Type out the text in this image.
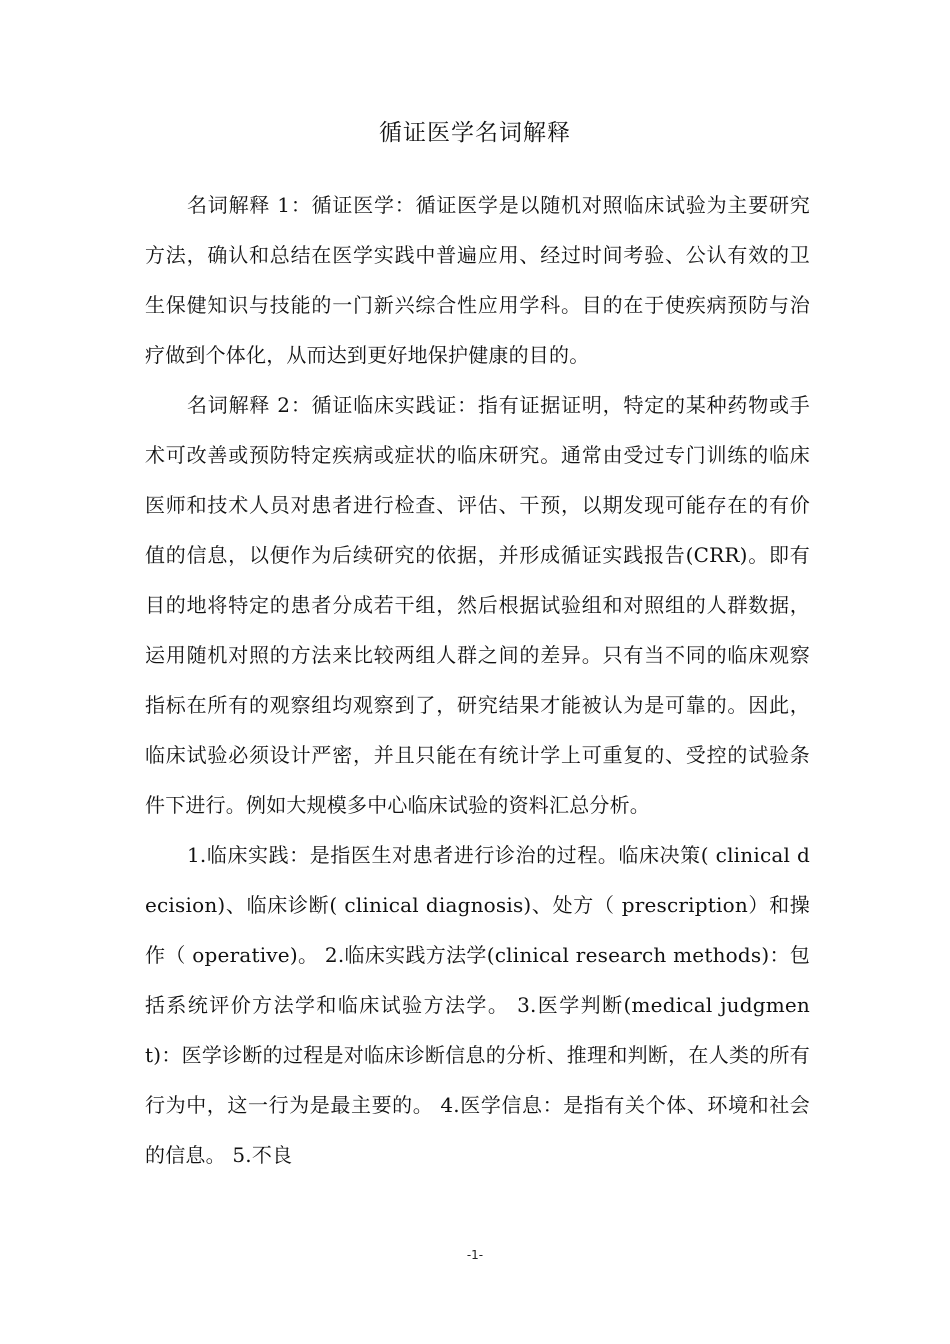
循证医学名词解释

名词解释 1：循证医学：循证医学是以随机对照临床试验为主要研究方法，确认和总结在医学实践中普遍应用、经过时间考验、公认有效的卫生保健知识与技能的一门新兴综合性应用学科。目的在于使疾病预防与治疗做到个体化，从而达到更好地保护健康的目的。

名词解释 2：循证临床实践证：指有证据证明，特定的某种药物或手术可改善或预防特定疾病或症状的临床研究。通常由受过专门训练的临床医师和技术人员对患者进行检查、评估、干预，以期发现可能存在的有价值的信息，以便作为后续研究的依据，并形成循证实践报告(CRR)。即有目的地将特定的患者分成若干组，然后根据试验组和对照组的人群数据，运用随机对照的方法来比较两组人群之间的差异。只有当不同的临床观察指标在所有的观察组均观察到了，研究结果才能被认为是可靠的。因此，临床试验必须设计严密，并且只能在有统计学上可重复的、受控的试验条件下进行。例如大规模多中心临床试验的资料汇总分析。

1.临床实践：是指医生对患者进行诊治的过程。临床决策( clinical decision)、临床诊断( clinical diagnosis)、处方（ prescription）和操作（ operative)。 2.临床实践方法学(clinical research methods)：包括系统评价方法学和临床试验方法学。 3.医学判断(medical judgment)：医学诊断的过程是对临床诊断信息的分析、推理和判断，在人类的所有行为中，这一行为是最主要的。 4.医学信息：是指有关个体、环境和社会的信息。 5.不良

-1-
